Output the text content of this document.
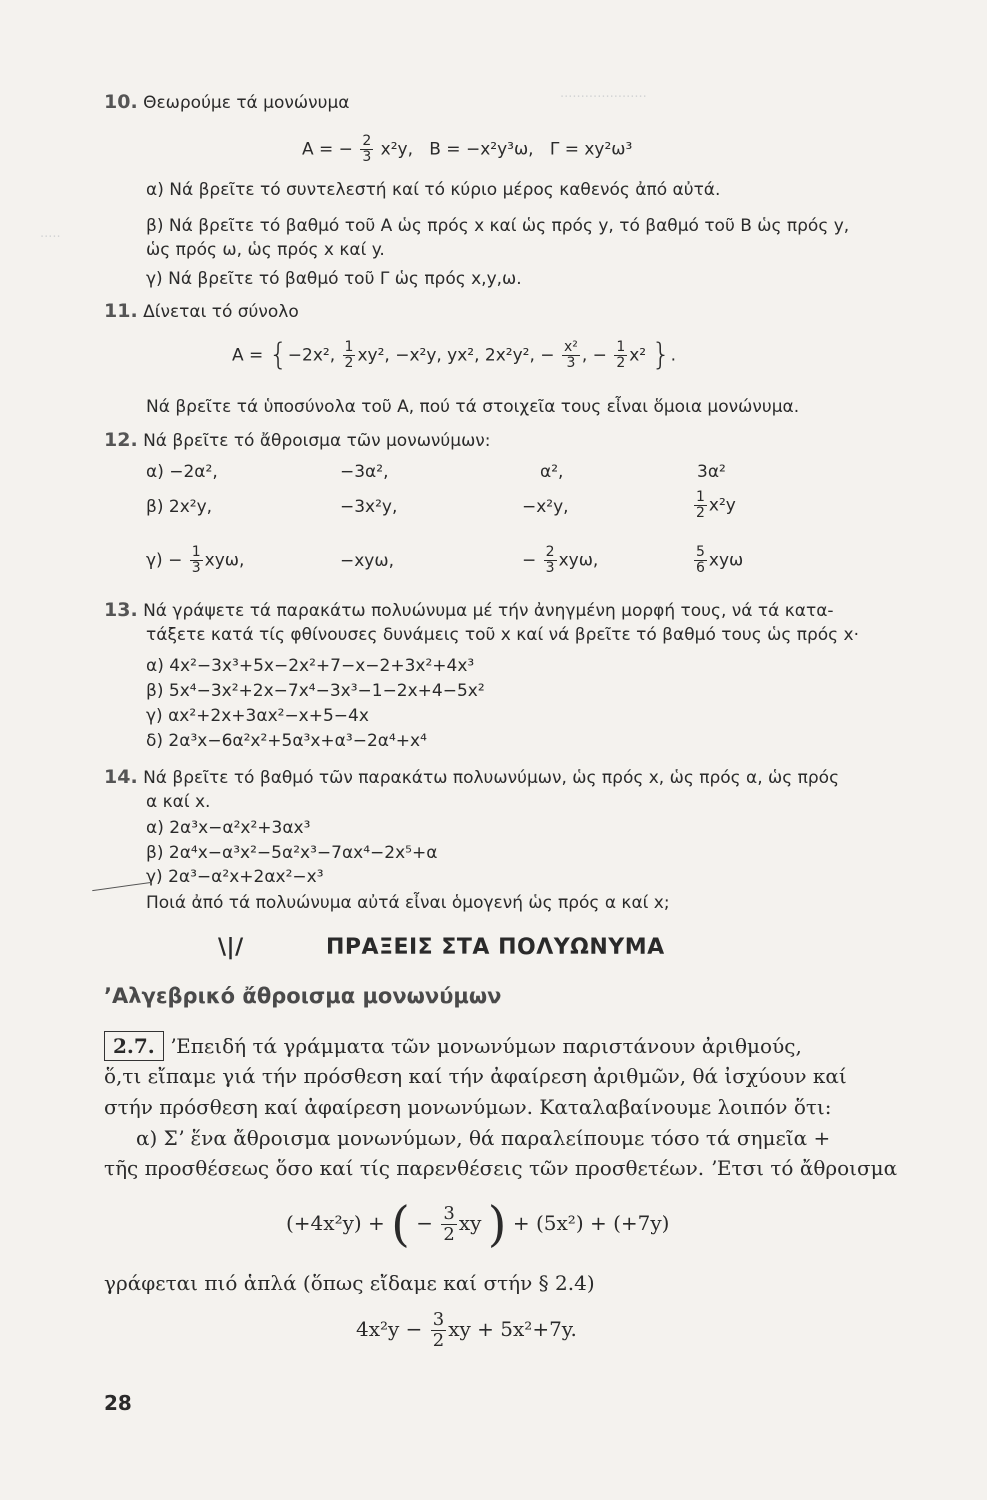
·····················
·····
10. Θεωρούμε τά μονώνυμα
A = − $\frac{2}{3} x^2y$, B = −x²y³ω, Γ = xy²ω³
α) Νά βρεῖτε τό συντελεστή καί τό κύριο μέρος καθενός ἀπό αὐτά.
β) Νά βρεῖτε τό βαθμό τοῦ A ὡς πρός x καί ὡς πρός y, τό βαθμό τοῦ B ὡς πρός y,
ὡς πρός ω, ὡς πρός x καί y.
γ) Νά βρεῖτε τό βαθμό τοῦ Γ ὡς πρός x,y,ω.
11. Δίνεται τό σύνολο
A = {−2x², $\frac{1}{2} xy^2$, −x²y, yx², 2x²y², − $\frac{\text{x²}}{3}$ , − $\frac{1}{2} x^2$ }.
Νά βρεῖτε τά ὑποσύνολα τοῦ A, πού τά στοιχεῖα τους εἶναι ὅμοια μονώνυμα.
12. Νά βρεῖτε τό ἄθροισμα τῶν μονωνύμων:
α) −2α²,	−3α²,	α²,	3α²
β) 2x²y,	−3x²y,	−x²y,	$\frac{1}{2} x^2y$
$\gamma) - \frac{1}{3} xy\omega$,	−xyω,	− $\frac{2}{3} xy\omega$,	$\frac{5}{6}$ xyω
13. Νά γράψετε τά παρακάτω πολυώνυμα μέ τήν ἀνηγμένη μορφή τους, νά τά κατα-
τάξετε κατά τίς φθίνουσες δυνάμεις τοῦ x καί νά βρεῖτε τό βαθμό τους ὡς πρός x·
α) 4x²−3x³+5x−2x²+7−x−2+3x²+4x³
β) 5x⁴−3x²+2x−7x⁴−3x³−1−2x+4−5x²
γ) αx²+2x+3αx²−x+5−4x
δ) 2α³x−6α²x²+5α³x+α³−2α⁴+x⁴
14. Νά βρεῖτε τό βαθμό τῶν παρακάτω πολυωνύμων, ὡς πρός x, ὡς πρός α, ὡς πρός
α καί x.
α) 2α³x−α²x²+3αx³
β) 2α⁴x−α³x²−5α²x³−7αx⁴−2x⁵+α
γ) 2α³−α²x+2αx²−x³
Ποιά ἀπό τά πολυώνυμα αὐτά εἶναι ὁμογενή ὡς πρός α καί x;
\|/	ΠΡΑΞΕΙΣ ΣΤΑ ΠΟΛΥΩΝΥΜΑ
ʼΑλγεβρικό ἄθροισμα μονωνύμων
2.7. ʼΕπειδή τά γράμματα τῶν μονωνύμων παριστάνουν ἀριθμούς,
ὅ,τι εἴπαμε γιά τήν πρόσθεση καί τήν ἀφαίρεση ἀριθμῶν, θά ἰσχύουν καί
στήν πρόσθεση καί ἀφαίρεση μονωνύμων. Καταλαβαίνουμε λοιπόν ὅτι:
α) Σʼ ἕνα ἄθροισμα μονωνύμων, θά παραλείπουμε τόσο τά σημεῖα +
τῆς προσθέσεως ὅσο καί τίς παρενθέσεις τῶν προσθετέων. ʼΕτσι τό ἄθροισμα
(+4x²y) + ( − $\frac{3}{2}$ xy ) + (5x²) + (+7y)
γράφεται πιό ἁπλά (ὅπως εἴδαμε καί στήν § 2.4)
$4x^2y - \frac{3}{2}$ xy + 5x²+7y.
28
